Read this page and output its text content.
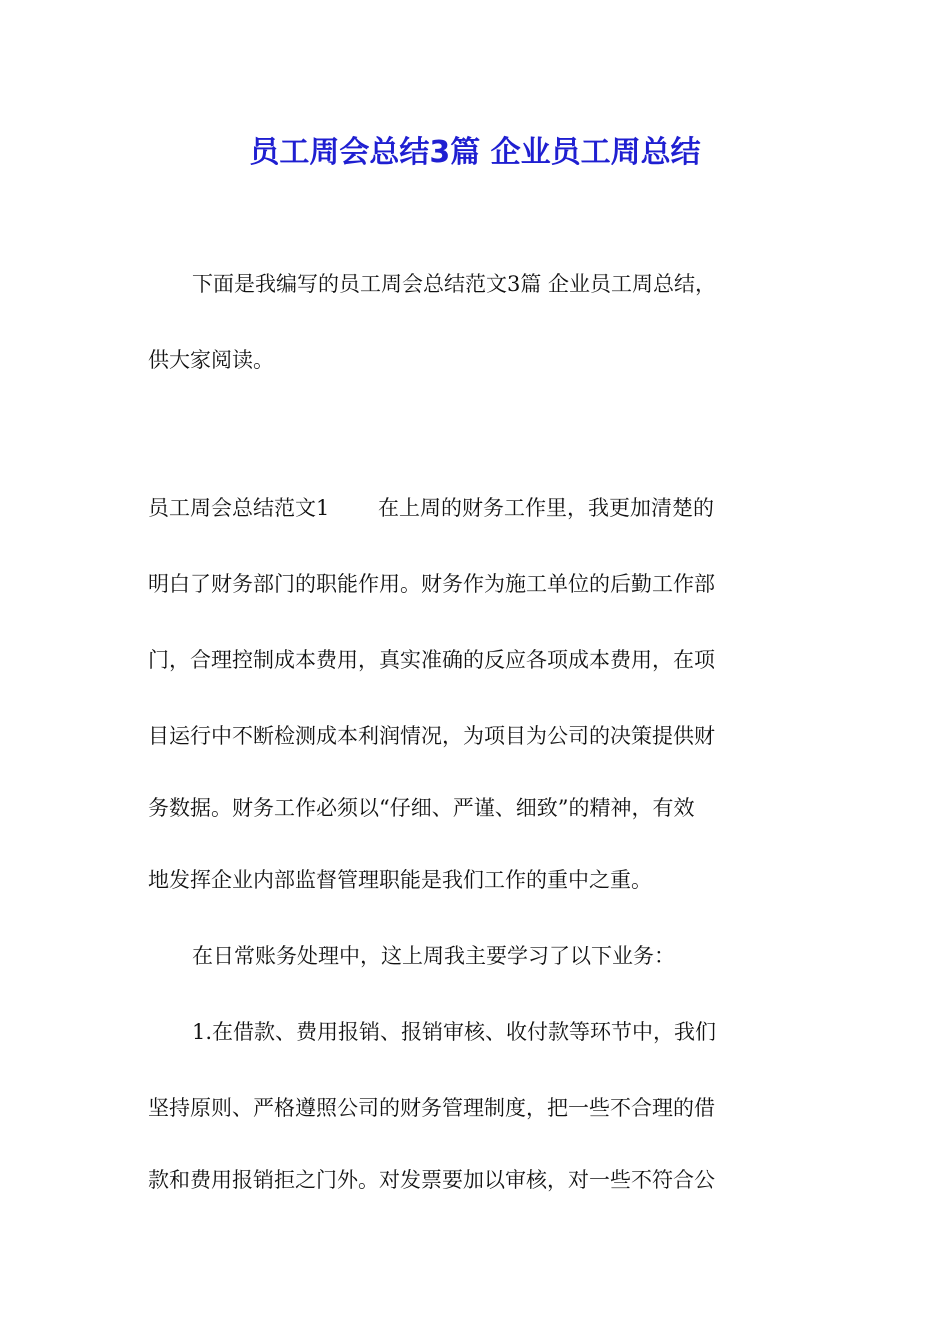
员工周会总结3篇 企业员工周总结
下面是我编写的员工周会总结范文3篇 企业员工周总结，
供大家阅读。
员工周会总结范文1　　 在上周的财务工作里，我更加清楚的
明白了财务部门的职能作用。财务作为施工单位的后勤工作部
门，合理控制成本费用，真实准确的反应各项成本费用，在项
目运行中不断检测成本利润情况，为项目为公司的决策提供财
务数据。财务工作必须以“仔细、严谨、细致”的精神，有效
地发挥企业内部监督管理职能是我们工作的重中之重。
在日常账务处理中，这上周我主要学习了以下业务：
1.在借款、费用报销、报销审核、收付款等环节中，我们
坚持原则、严格遵照公司的财务管理制度，把一些不合理的借
款和费用报销拒之门外。对发票要加以审核，对一些不符合公
